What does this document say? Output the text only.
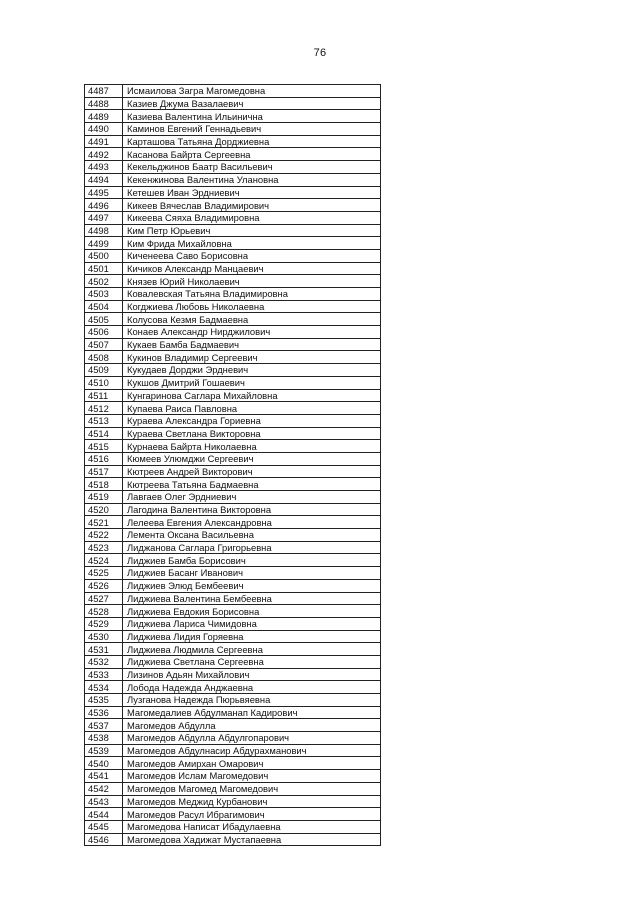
76
4487	Исмаилова Загра Магомедовна
4488	Казиев Джума Вазалаевич
4489	Казиева Валентина Ильинична
4490	Каминов Евгений Геннадьевич
4491	Карташова Татьяна Дорджиевна
4492	Касанова Байрта Сергеевна
4493	Кекельджинов Баатр Васильевич
4494	Кекенжинова Валентина Улановна
4495	Кетешев Иван Эрдниевич
4496	Кикеев Вячеслав Владимирович
4497	Кикеева Сяяха Владимировна
4498	Ким Петр Юрьевич
4499	Ким Фрида Михайловна
4500	Киченеева Саво Борисовна
4501	Кичиков Александр Манцаевич
4502	Князев Юрий Николаевич
4503	Ковалевская Татьяна Владимировна
4504	Когджиева Любовь Николаевна
4505	Колусова Кезмя Бадмаевна
4506	Конаев Александр Нирджилович
4507	Кукаев Бамба Бадмаевич
4508	Кукинов Владимир Сергеевич
4509	Кукудаев Дорджи Эрдневич
4510	Кукшов Дмитрий Гошаевич
4511	Кунгаринова Саглара Михайловна
4512	Купаева Раиса Павловна
4513	Кураева Александра Гориевна
4514	Кураева Светлана Викторовна
4515	Курнаева Байрта Николаевна
4516	Кюмеев Улюмджи Сергеевич
4517	Кютреев Андрей Викторович
4518	Кютреева Татьяна Бадмаевна
4519	Лавгаев Олег Эрдниевич
4520	Лагодина Валентина Викторовна
4521	Лелеева Евгения Александровна
4522	Лемента Оксана Васильевна
4523	Лиджанова Саглара Григорьевна
4524	Лиджиев Бамба Борисович
4525	Лиджиев Басанг Иванович
4526	Лиджиев Элюд Бембеевич
4527	Лиджиева Валентина Бембеевна
4528	Лиджиева Евдокия Борисовна
4529	Лиджиева Лариса Чимидовна
4530	Лиджиева Лидия Горяевна
4531	Лиджиева Людмила Сергеевна
4532	Лиджиева Светлана Сергеевна
4533	Лизинов Адьян Михайлович
4534	Лобода Надежда Анджаевна
4535	Лузганова Надежда Пюрьвяевна
4536	Магомедалиев Абдулманап Кадирович
4537	Магомедов Абдулла
4538	Магомедов Абдулла Абдулгопарович
4539	Магомедов Абдулнасир Абдурахманович
4540	Магомедов Амирхан Омарович
4541	Магомедов Ислам Магомедович
4542	Магомедов Магомед Магомедович
4543	Магомедов Меджид Курбанович
4544	Магомедов Расул Ибрагимович
4545	Магомедова Написат Ибадулаевна
4546	Магомедова Хадижат Мустапаевна
